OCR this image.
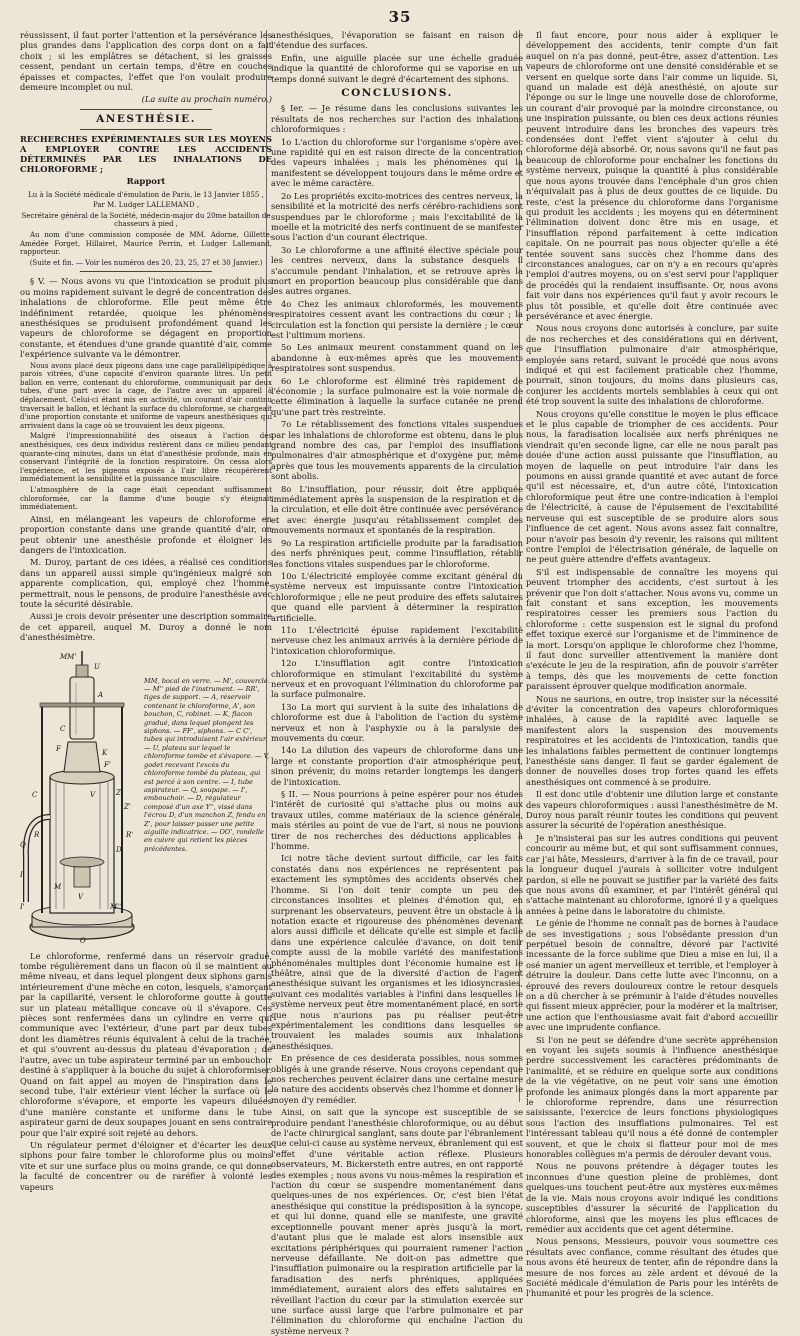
35

réussissent, il faut porter l'attention et la persévérance les plus grandes dans l'application des corps dont on a fait choix ; si les emplâtres se détachent, si les graisses cessent, pendant un certain temps, d'être en couches épaisses et compactes, l'effet que l'on voulait produire demeure incomplet ou nul.

(La suite au prochain numéro.)

ANESTHÉSIE.
RECHERCHES EXPÉRIMENTALES SUR LES MOYENS A EMPLOYER CONTRE LES ACCIDENTS DÉTERMINÉS PAR LES INHALATIONS DE CHLOROFORME ;
Rapport

Lu à la Société médicale d'émulation de Paris, le 13 Janvier 1855 ,

Par M. Ludger LALLEMAND ,

Secrétaire général de la Société, médecin-major du 20me bataillon de chasseurs à pied ,

Au nom d'une commission composée de MM. Adorne, Gillette, Amédée Forget, Hillairet, Maurice Perrin, et Ludger Lallemand, rapporteur.

(Suite et fin. — Voir les numéros des 20, 23, 25, 27 et 30 Janvier.)

§ V. — Nous avons vu que l'intoxication se produit plus ou moins rapidement suivant le degré de concentration des inhalations de chloroforme. Elle peut même être indéfiniment retardée, quoique les phénomènes anesthésiques se produisent profondément quand les vapeurs de chloroforme se dégagent en proportion constante, et étendues d'une grande quantité d'air, comme l'expérience suivante va le démontrer.

Nous avons placé deux pigeons dans une cage parallélipipédique à parois vitrées, d'une capacité d'environ quarante litres. Un petit ballon en verre, contenant du chloroforme, communiquait par deux tubes, d'une part avec la cage, de l'autre avec un appareil à déplacement. Celui-ci étant mis en activité, un courant d'air continu traversait le ballon, et léchant la surface du chloroforme, se chargeait d'une proportion constante et uniforme de vapeurs anesthésiques qui arrivaient dans la cage où se trouvaient les deux pigeons.

Malgré l'impressionnabilité des oiseaux à l'action des anesthésiques, ces deux individus restèrent dans ce milieu pendant quarante-cinq minutes, dans un état d'anesthésie profonde, mais en conservant l'intégrité de la fonction respiratoire. On cessa alors l'expérience, et les pigeons exposés à l'air libre récupérèrent immédiatement la sensibilité et la puissance musculaire.

L'atmosphère de la cage était cependant suffisamment chloroformée, car la flamme d'une bougie s'y éteignait immédiatement.

Ainsi, en mélangeant les vapeurs de chloroforme en proportion constante dans une grande quantité d'air, on peut obtenir une anesthésie profonde et éloigner les dangers de l'intoxication.

M. Duroy, partant de ces idées, a réalisé ces conditions dans un appareil aussi simple qu'ingénieux malgré son apparente complication, qui, employé chez l'homme, permettrait, nous le pensons, de produire l'anesthésie avec toute la sécurité désirable.

Aussi je crois devoir présenter une description sommaire de cet appareil, auquel M. Duroy a donné le nom d'anesthésimètre.

MM'
U
A
C
F	K
F'
V
C	Z
Z'
R	R'
D
Q
I
I'
M
V
M''
O
MM, bocal en verre. — M', couvercle. — M'' pied de l'instrument. — RR', tiges de support. — A, réservoir contenant le chloroforme, A', son bouchon, C, robinet. — K, flacon gradué, dans lequel plongent les siphons. — FF', siphons. — C C', tubes qui introduisent l'air extérieur. — U, plateau sur lequel le chloroforme tombe et s'évapore. — V, godet recevant l'excès du chloroforme tombé du plateau, qui est percé à son centre. — I, tube aspirateur. — Q, soupape. — I', embouchoir. — D, régulateur composé d'un axe Y'', vissé dans l'écrou D, d'un manchon Z, fendu en Z', pour laisser passer une petite aiguille indicatrice. — OO', rondelle en cuivre qui retient les pièces précédentes.

Le chloroforme, renfermé dans un réservoir gradué, tombe régulièrement dans un flacon où il se maintient au même niveau, et dans lequel plongent deux siphons garnis intérieurement d'une mèche en coton, lesquels, s'amorçant par la capillarité, versent le chloroforme goutte à goutte sur un plateau métallique concave où il s'évapore. Ces pièces sont renfermées dans un cylindre en verre qui communique avec l'extérieur, d'une part par deux tubes dont les diamètres réunis équivalent à celui de la trachée, et qui s'ouvrent au-dessus du plateau d'évaporation ; de l'autre, avec un tube aspirateur terminé par un embouchoir destiné à s'appliquer à la bouche du sujet à chloroformiser. Quand on fait appel au moyen de l'inspiration dans le second tube, l'air extérieur vient lécher la surface où le chloroforme s'évapore, et emporte les vapeurs diluées d'une manière constante et uniforme dans le tube aspirateur garni de deux soupapes jouant en sens contraire pour que l'air expiré soit rejeté au dehors.

Un régulateur permet d'éloigner et d'écarter les deux siphons pour faire tomber le chloroforme plus ou moins vite et sur une surface plus ou moins grande, ce qui donne la faculté de concentrer ou de raréfier à volonté les vapeurs

anesthésiques, l'évaporation se faisant en raison de l'étendue des surfaces.

Enfin, une aiguille placée sur une échelle graduée indique la quantité de chloroforme qui se vaporise en un temps donné suivant le degré d'écartement des siphons.

CONCLUSIONS.

§ Ier. — Je résume dans les conclusions suivantes les résultats de nos recherches sur l'action des inhalations chloroformiques :

1o L'action du chloroforme sur l'organisme s'opère avec une rapidité qui en est raison directe de la concentration des vapeurs inhalées ; mais les phénomènes qui la manifestent se développent toujours dans le même ordre et avec le même caractère.

2o Les propriétés excito-motrices des centres nerveux, la sensibilité et la motricité des nerfs cérébro-rachidiens sont suspendues par le chloroforme ; mais l'excitabilité de la moelle et la motricité des nerfs continuent de se manifester sous l'action d'un courant électrique.

3o Le chloroforme a une affinité élective spéciale pour les centres nerveux, dans la substance desquels il s'accumule pendant l'inhalation, et se retrouve après la mort en proportion beaucoup plus considérable que dans les autres organes.

4o Chez les animaux chloroformés, les mouvements respiratoires cessent avant les contractions du cœur ; la circulation est la fonction qui persiste la dernière ; le cœur est l'ultimum moriens.

5o Les animaux meurent constamment quand on les abandonne à eux-mêmes après que les mouvements respiratoires sont suspendus.

6o Le chloroforme est éliminé très rapidement de l'économie ; la surface pulmonaire est la voie normale de cette élimination à laquelle la surface cutanée ne prend qu'une part très restreinte.

7o Le rétablissement des fonctions vitales suspendues par les inhalations de chloroforme est obtenu, dans le plus grand nombre des cas, par l'emploi des insufflations pulmonaires d'air atmosphérique et d'oxygène pur, même après que tous les mouvements apparents de la circulation sont abolis.

8o L'insufflation, pour réussir, doit être appliquée immédiatement après la suspension de la respiration et de la circulation, et elle doit être continuée avec persévérance et avec énergie jusqu'au rétablissement complet des mouvements normaux et spontanés de la respiration.

9o La respiration artificielle produite par la faradisation des nerfs phréniques peut, comme l'insufflation, rétablir les fonctions vitales suspendues par le chloroforme.

10o L'électricité employée comme excitant général du système nerveux est impuissante contre l'intoxication chloroformique ; elle ne peut produire des effets salutaires que quand elle parvient à déterminer la respiration artificielle.

11o L'électricité épuise rapidement l'excitabilité nerveuse chez les animaux arrivés à la dernière période de l'intoxication chloroformique.

12o L'insufflation agit contre l'intoxication chloroformique en stimulant l'excitabilité du système nerveux et en provoquant l'élimination du chloroforme par la surface pulmonaire.

13o La mort qui survient à la suite des inhalations de chloroforme est due à l'abolition de l'action du système nerveux et non à l'asphyxie ou à la paralysie des mouvements du cœur.

14o La dilution des vapeurs de chloroforme dans une large et constante proportion d'air atmosphérique peut, sinon prévenir, du moins retarder longtemps les dangers de l'intoxication.

§ II. — Nous pourrions à peine espérer pour nos études l'intérêt de curiosité qui s'attache plus ou moins aux travaux utiles, comme matériaux de la science générale, mais stériles au point de vue de l'art, si nous ne pouvions tirer de nos recherches des déductions applicables à l'homme.

Ici notre tâche devient surtout difficile, car les faits constatés dans nos expériences ne représentent pas exactement les symptômes des accidents observés chez l'homme. Si l'on doit tenir compte un peu des circonstances insolites et pleines d'émotion qui, en surprenant les observateurs, peuvent être un obstacle à la notation exacte et rigoureuse des phénomènes devenant alors aussi difficile et délicate qu'elle est simple et facile dans une expérience calculée d'avance, on doit tenir compte aussi de la mobile variété des manifestations phénoménales multiples dont l'économie humaine est le théâtre, ainsi que de la diversité d'action de l'agent anesthésique suivant les organismes et les idiosyncrasies, suivant ces modalités variables à l'infini dans lesquelles le système nerveux peut être momentanément placé, en sorte que nous n'aurions pas pu réaliser peut-être expérimentalement les conditions dans lesquelles se trouvaient les malades soumis aux inhalations anesthésiques.

En présence de ces desiderata possibles, nous sommes obligés à une grande réserve. Nous croyons cependant que nos recherches peuvent éclairer dans une certaine mesure la nature des accidents observés chez l'homme et donner le moyen d'y remédier.

Ainsi, on sait que la syncope est susceptible de se produire pendant l'anesthésie chloroformique, ou au début de l'acte chirurgical sanglant, sans doute par l'ébranlement que celui-ci cause au système nerveux, ébranlement qui est l'effet d'une véritable action réflexe. Plusieurs observateurs, M. Bickersteth entre autres, en ont rapporté des exemples ; nous avons vu nous-mêmes la respiration et l'action du cœur se suspendre momentanément dans quelques-unes de nos expériences. Or, c'est bien l'état anesthésique qui constitue la prédisposition à la syncope, et qui lui donne, quand elle se manifeste, une gravité exceptionnelle pouvant mener après jusqu'à la mort, d'autant plus que le malade est alors insensible aux excitations périphériques qui pourraient ramener l'action nerveuse défaillante. Ne doit-on pas admettre que l'insufflation pulmonaire ou la respiration artificielle par la faradisation des nerfs phréniques, appliquées immédiatement, auraient alors des effets salutaires en réveillant l'action du cœur par la stimulation exercée sur une surface aussi large que l'arbre pulmonaire et par l'élimination du chloroforme qui enchaîne l'action du système nerveux ?

Il faut encore, pour nous aider à expliquer le développement des accidents, tenir compte d'un fait auquel on n'a pas donné, peut-être, assez d'attention. Les vapeurs de chloroforme ont une densité considérable et se versent en quelque sorte dans l'air comme un liquide. Si, quand un malade est déjà anesthésié, on ajoute sur l'éponge ou sur le linge une nouvelle dose de chloroforme, un courant d'air provoqué par la moindre circonstance, ou une inspiration puissante, ou bien ces deux actions réunies peuvent introduire dans les bronches des vapeurs très condensées dont l'effet vient s'ajouter à celui du chloroforme déjà absorbé. Or, nous savons qu'il ne faut pas beaucoup de chloroforme pour enchaîner les fonctions du système nerveux, puisque la quantité à plus considérable que nous ayons trouvée dans l'encéphale d'un gros chien n'équivalait pas à plus de deux gouttes de ce liquide. Du reste, c'est la présence du chloroforme dans l'organisme qui produit les accidents ; les moyens qui en déterminent l'élimination doivent donc être mis en usage, et l'insufflation répond parfaitement à cette indication capitale. On ne pourrait pas nous objecter qu'elle a été tentée souvent sans succès chez l'homme dans des circonstances analogues, car on n'y a en recours qu'après l'emploi d'autres moyens, ou on s'est servi pour l'appliquer de procédés qui la rendaient insuffisante. Or, nous avons fait voir dans nos expériences qu'il faut y avoir recours le plus tôt possible, et qu'elle doit être continuée avec persévérance et avec énergie.

Nous nous croyons donc autorisés à conclure, par suite de nos recherches et des considérations qui en dérivent, que l'insufflation pulmonaire d'air atmosphérique, employée sans retard, suivant le procédé que nous avons indiqué et qui est facilement praticable chez l'homme, pourrait, sinon toujours, du moins dans plusieurs cas, conjurer les accidents mortels semblables à ceux qui ont été trop souvent la suite des inhalations de chloroforme.

Nous croyons qu'elle constitue le moyen le plus efficace et le plus capable de triompher de ces accidents. Pour nous, la faradisation localisée aux nerfs phréniques ne viendrait qu'en seconde ligne, car elle ne nous paraît pas douée d'une action aussi puissante que l'insufflation, au moyen de laquelle on peut introduire l'air dans les poumons en aussi grande quantité et avec autant de force qu'il est nécessaire, et, d'un autre côté, l'intoxication chloroformique peut être une contre-indication à l'emploi de l'électricité, à cause de l'épuisement de l'excitabilité nerveuse qui est susceptible de se produire alors sous l'influence de cet agent. Nous avons assez fait connaître, pour n'avoir pas besoin d'y revenir, les raisons qui militent contre l'emploi de l'électrisation générale, de laquelle on ne peut guère attendre d'effets avantageux.

S'il est indispensable de connaître les moyens qui peuvent triompher des accidents, c'est surtout à les prévenir que l'on doit s'attacher. Nous avons vu, comme un fait constant et sans exception, les mouvements respiratoires cesser les premiers sous l'action du chloroforme : cette suspension est le signal du profond effet toxique exercé sur l'organisme et de l'imminence de la mort. Lorsqu'on applique le chloroforme chez l'homme, il faut donc surveiller attentivement la manière dont s'exécute le jeu de la respiration, afin de pouvoir s'arrêter à temps, dès que les mouvements de cette fonction paraissent éprouver quelque modification anormale.

Nous ne saurions, en outre, trop insister sur la nécessité d'éviter la concentration des vapeurs chloroformiques inhalées, à cause de la rapidité avec laquelle se manifestent alors la suspension des mouvements respiratoires et les accidents de l'intoxication, tandis que les inhalations faibles permettent de continuer longtemps l'anesthésie sans danger. Il faut se garder également de donner de nouvelles doses trop fortes quand les effets anesthésiques ont commencé à se produire.

Il est donc utile d'obtenir une dilution large et constante des vapeurs chloroformiques : aussi l'anesthésimètre de M. Duroy nous paraît réunir toutes les conditions qui peuvent assurer la sécurité de l'opération anesthésique.

Je n'insisterai pas sur les autres conditions qui peuvent concourir au même but, et qui sont suffisamment connues, car j'ai hâte, Messieurs, d'arriver à la fin de ce travail, pour la longueur duquel j'aurais à solliciter votre indulgent pardon, si elle ne pouvait se justifier par la variété des faits que nous avons dû examiner, et par l'intérêt général qui s'attache maintenant au chloroforme, ignoré il y a quelques années à peine dans le laboratoire du chimiste.

Le génie de l'homme ne connaît pas de bornes à l'audace de ses investigations ; sous l'obsédante pression d'un perpétuel besoin de connaître, dévoré par l'activité incessante de la force sublime que Dieu a mise en lui, il a osé manier un agent merveilleux et terrible, et l'employer à détruire la douleur. Dans cette lutte avec l'inconnu, on a éprouvé des revers douloureux contre le retour desquels on a dû chercher à se prémunir à l'aide d'études nouvelles qui fissent mieux apprécier, pour la modérer et la maîtriser, une action que l'enthousiasme avait fait d'abord accueillir avec une imprudente confiance.

Si l'on ne peut se défendre d'une secrète appréhension en voyant les sujets soumis à l'influence anesthésique perdre successivement les caractères prédominants de l'animalité, et se réduire en quelque sorte aux conditions de la vie végétative, on ne peut voir sans une émotion profonde les animaux plongés dans la mort apparente par le chloroforme reprendre, dans une résurrection saisissante, l'exercice de leurs fonctions physiologiques sous l'action des insufflations pulmonaires. Tel est l'intéressant tableau qu'il nous a été donné de contempler souvent, et que le choix si flatteur pour moi de mes honorables collègues m'a permis de dérouler devant vous.

Nous ne pouvons prétendre à dégager toutes les inconnues d'une question pleine de problèmes, dont quelques-uns touchent peut-être aux mystères eux-mêmes de la vie. Mais nous croyons avoir indiqué les conditions susceptibles d'assurer la sécurité de l'application du chloroforme, ainsi que les moyens les plus efficaces de remédier aux accidents que cet agent détermine.

Nous pensons, Messieurs, pouvoir vous soumettre ces résultats avec confiance, comme résultant des études que nous avons été heureux de tenter, afin de répondre dans la mesure de nos forces au zèle ardent et dévoué de la Société médicale d'émulation de Paris pour les intérêts de l'humanité et pour les progrès de la science.
